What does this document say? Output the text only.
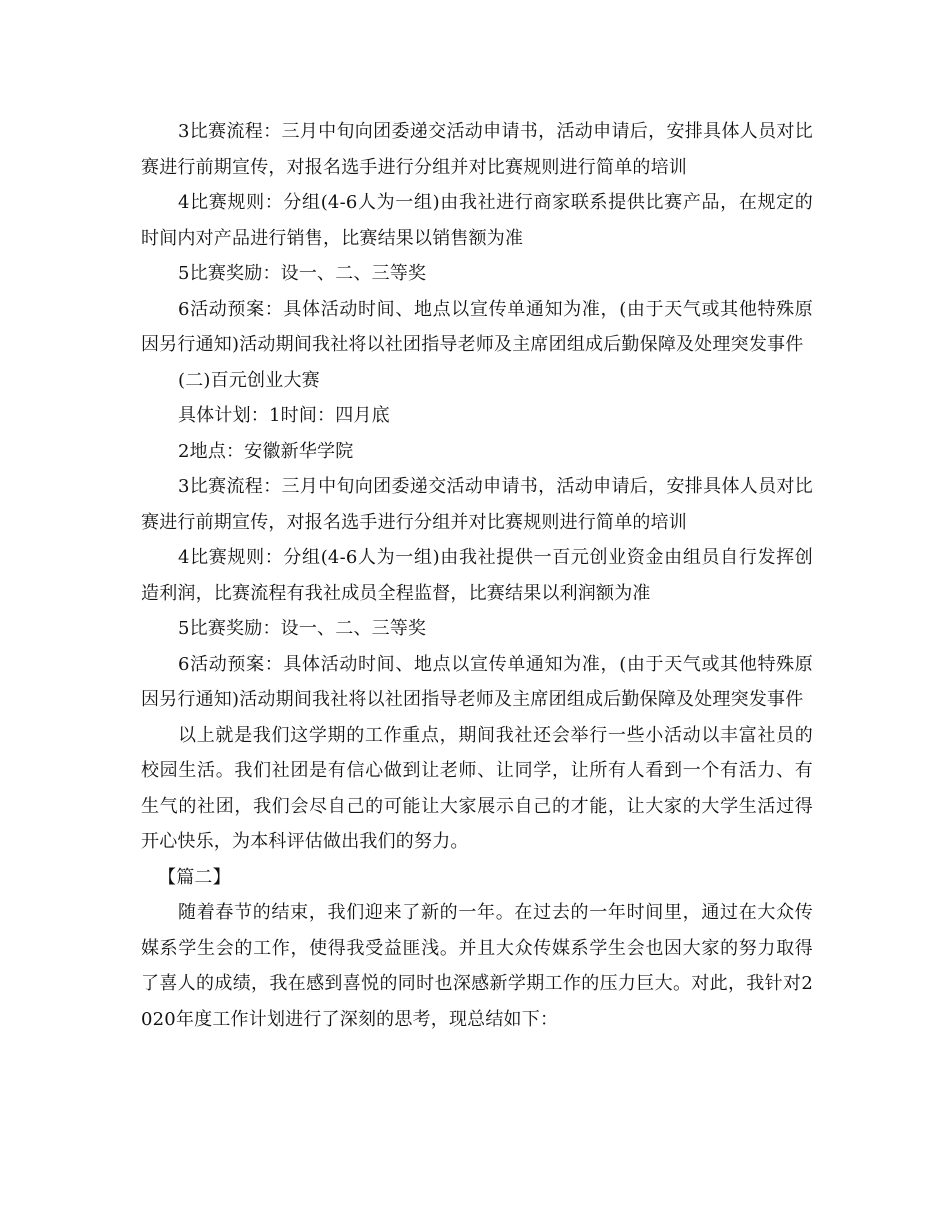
3比赛流程：三月中旬向团委递交活动申请书，活动申请后，安排具体人员对比赛进行前期宣传，对报名选手进行分组并对比赛规则进行简单的培训

4比赛规则：分组(4-6人为一组)由我社进行商家联系提供比赛产品，在规定的时间内对产品进行销售，比赛结果以销售额为准

5比赛奖励：设一、二、三等奖

6活动预案：具体活动时间、地点以宣传单通知为准，(由于天气或其他特殊原因另行通知)活动期间我社将以社团指导老师及主席团组成后勤保障及处理突发事件

(二)百元创业大赛

具体计划：1时间：四月底

2地点：安徽新华学院

3比赛流程：三月中旬向团委递交活动申请书，活动申请后，安排具体人员对比赛进行前期宣传，对报名选手进行分组并对比赛规则进行简单的培训

4比赛规则：分组(4-6人为一组)由我社提供一百元创业资金由组员自行发挥创造利润，比赛流程有我社成员全程监督，比赛结果以利润额为准

5比赛奖励：设一、二、三等奖

6活动预案：具体活动时间、地点以宣传单通知为准，(由于天气或其他特殊原因另行通知)活动期间我社将以社团指导老师及主席团组成后勤保障及处理突发事件

以上就是我们这学期的工作重点，期间我社还会举行一些小活动以丰富社员的校园生活。我们社团是有信心做到让老师、让同学，让所有人看到一个有活力、有生气的社团，我们会尽自己的可能让大家展示自己的才能，让大家的大学生活过得开心快乐，为本科评估做出我们的努力。

【篇二】

随着春节的结束，我们迎来了新的一年。在过去的一年时间里，通过在大众传媒系学生会的工作，使得我受益匪浅。并且大众传媒系学生会也因大家的努力取得了喜人的成绩，我在感到喜悦的同时也深感新学期工作的压力巨大。对此，我针对2020年度工作计划进行了深刻的思考，现总结如下：
